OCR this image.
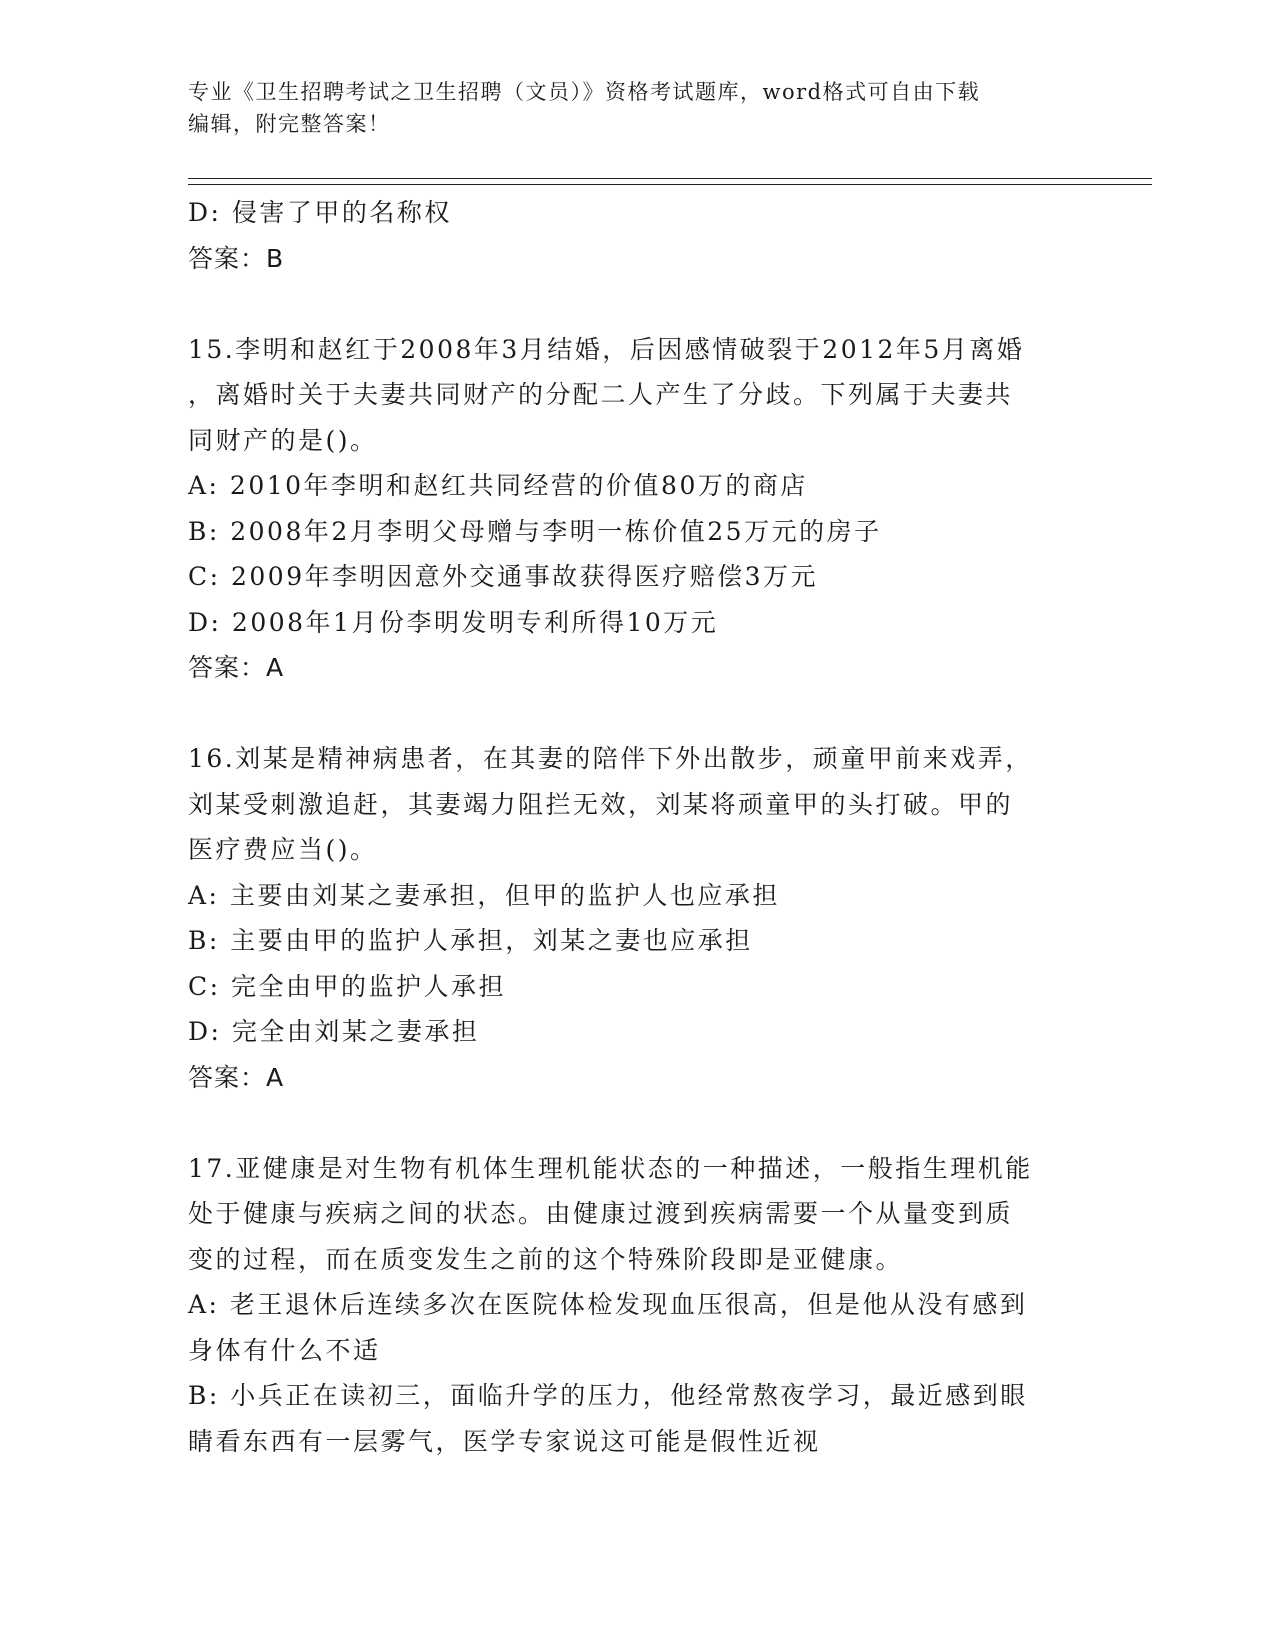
专业《卫生招聘考试之卫生招聘（文员）》资格考试题库，word格式可自由下载
编辑，附完整答案！

D: 侵害了甲的名称权

答案：B

15.李明和赵红于2008年3月结婚，后因感情破裂于2012年5月离婚

，离婚时关于夫妻共同财产的分配二人产生了分歧。下列属于夫妻共

同财产的是()。

A: 2010年李明和赵红共同经营的价值80万的商店

B: 2008年2月李明父母赠与李明一栋价值25万元的房子

C: 2009年李明因意外交通事故获得医疗赔偿3万元

D: 2008年1月份李明发明专利所得10万元

答案：A

16.刘某是精神病患者，在其妻的陪伴下外出散步，顽童甲前来戏弄，

刘某受刺激追赶，其妻竭力阻拦无效，刘某将顽童甲的头打破。甲的

医疗费应当()。

A: 主要由刘某之妻承担，但甲的监护人也应承担

B: 主要由甲的监护人承担，刘某之妻也应承担

C: 完全由甲的监护人承担

D: 完全由刘某之妻承担

答案：A

17.亚健康是对生物有机体生理机能状态的一种描述，一般指生理机能

处于健康与疾病之间的状态。由健康过渡到疾病需要一个从量变到质

变的过程，而在质变发生之前的这个特殊阶段即是亚健康。

A: 老王退休后连续多次在医院体检发现血压很高，但是他从没有感到

身体有什么不适

B: 小兵正在读初三，面临升学的压力，他经常熬夜学习，最近感到眼

睛看东西有一层雾气，医学专家说这可能是假性近视
